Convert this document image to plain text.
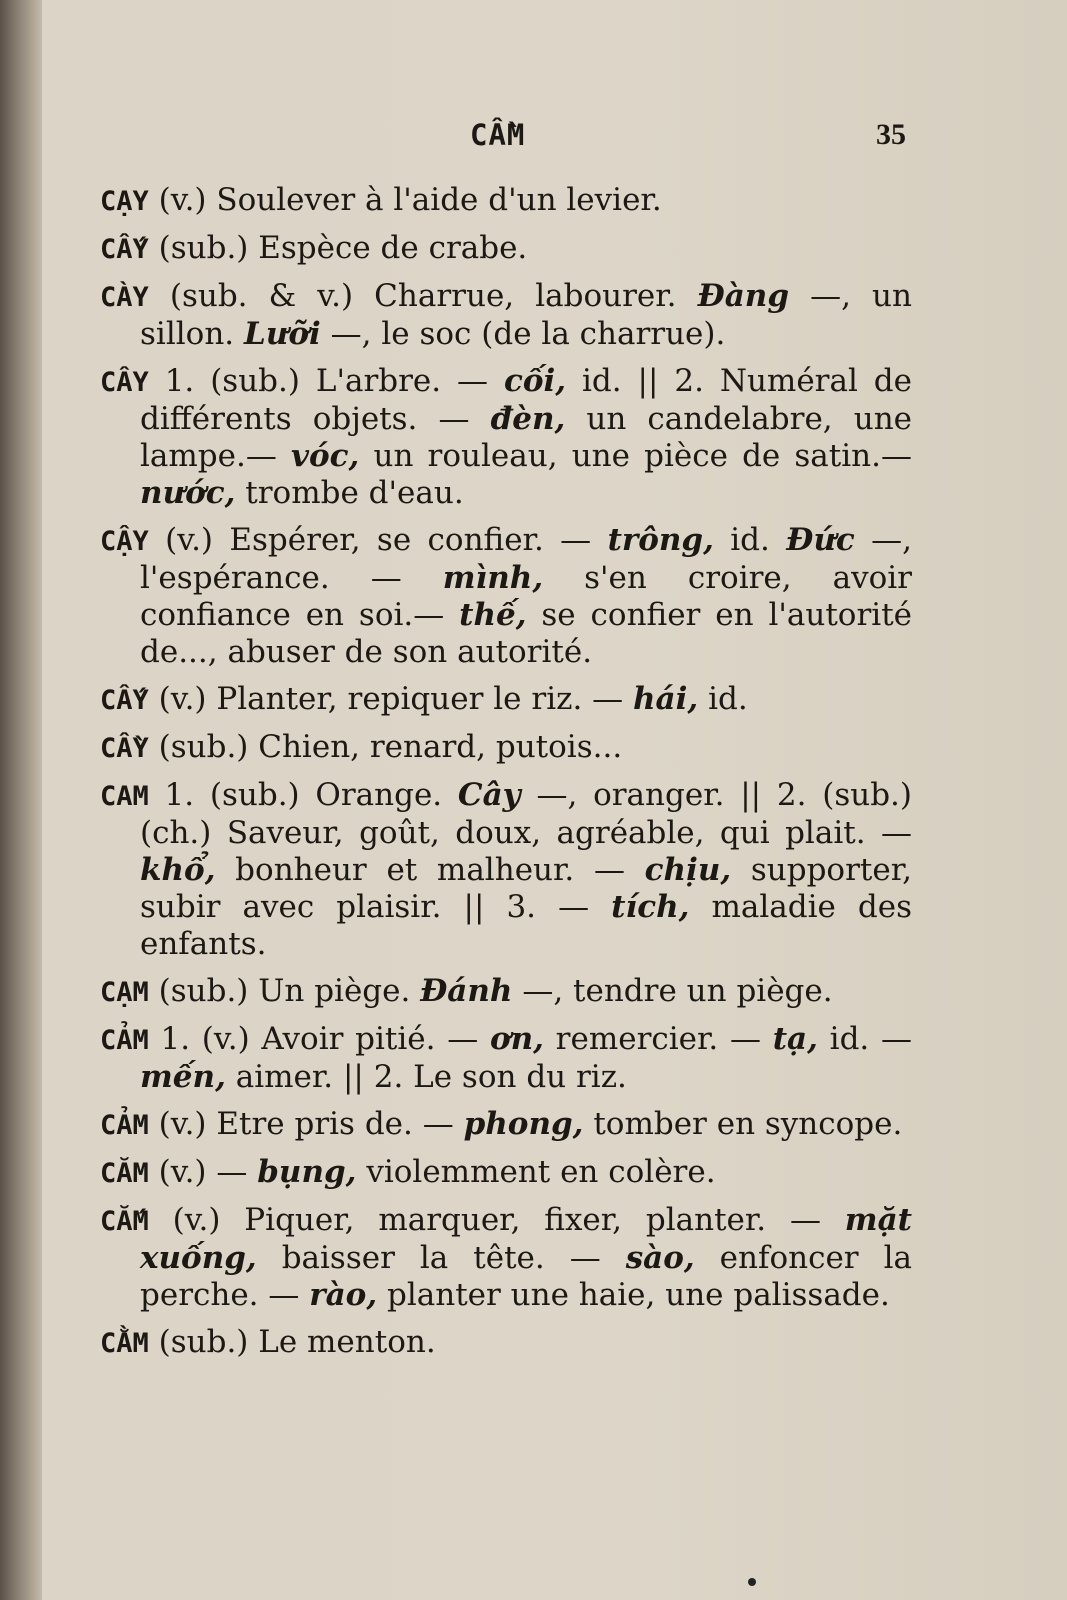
CẦM	35
CẠY (v.) Soulever à l'aide d'un levier.
CẤY (sub.) Espèce de crabe.
CÀY (sub. & v.) Charrue, labourer. Đàng —, un sillon. Lưỡi —, le soc (de la charrue).
CÂY 1. (sub.) L'arbre. — cối, id. || 2. Numéral de différents objets. — đèn, un candelabre, une lampe.— vóc, un rouleau, une pièce de satin.— nước, trombe d'eau.
CẬY (v.) Espérer, se confier. — trông, id. Đức —, l'espérance. — mình, s'en croire, avoir confiance en soi.— thế, se confier en l'autorité de..., abuser de son autorité.
CẤY (v.) Planter, repiquer le riz. — hái, id.
CẦY (sub.) Chien, renard, putois...
CAM 1. (sub.) Orange. Cây —, oranger. || 2. (sub.) (ch.) Saveur, goût, doux, agréable, qui plait. — khổ, bonheur et malheur. — chịu, supporter, subir avec plaisir. || 3. — tích, maladie des enfants.
CẠM (sub.) Un piège. Đánh —, tendre un piège.
CẢM 1. (v.) Avoir pitié. — ơn, remercier. — tạ, id. — mến, aimer. || 2. Le son du riz.
CẢM (v.) Etre pris de. — phong, tomber en syncope.
CĂM (v.) — bụng, violemment en colère.
CẮM (v.) Piquer, marquer, fixer, planter. — mặt xuống, baisser la tête. — sào, enfoncer la perche. — rào, planter une haie, une palissade.
CẰM (sub.) Le menton.
